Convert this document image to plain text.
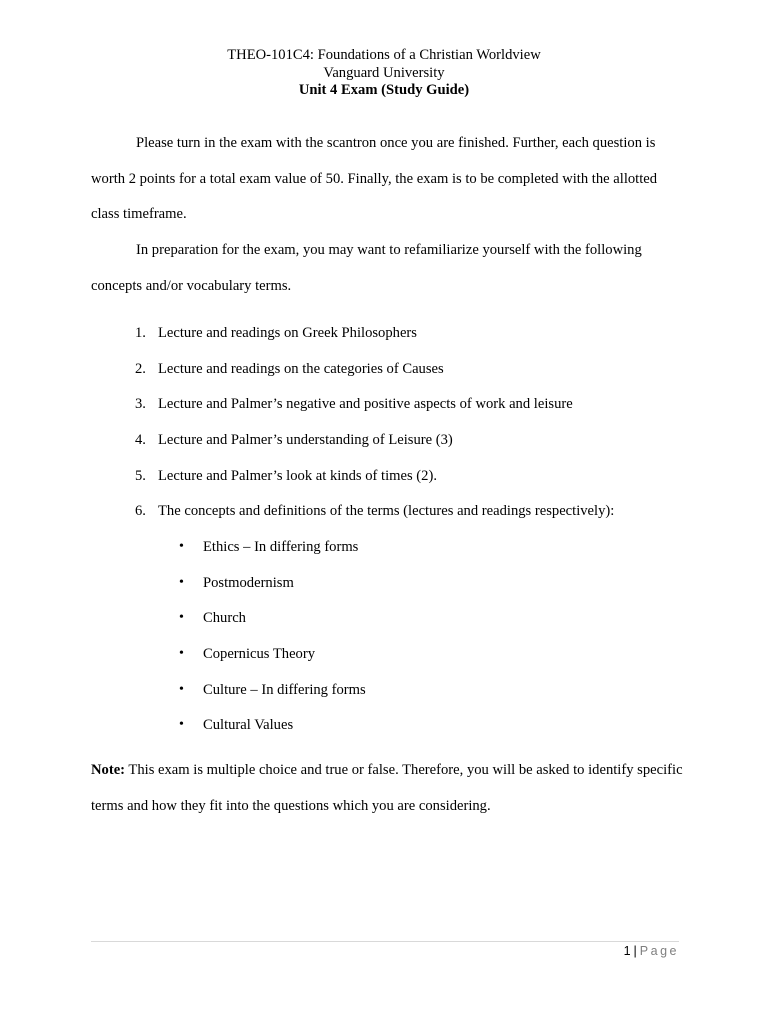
THEO-101C4: Foundations of a Christian Worldview
Vanguard University
Unit 4 Exam (Study Guide)
Please turn in the exam with the scantron once you are finished. Further, each question is worth 2 points for a total exam value of 50. Finally, the exam is to be completed with the allotted class timeframe.
In preparation for the exam, you may want to refamiliarize yourself with the following concepts and/or vocabulary terms.
1. Lecture and readings on Greek Philosophers
2. Lecture and readings on the categories of Causes
3. Lecture and Palmer’s negative and positive aspects of work and leisure
4. Lecture and Palmer’s understanding of Leisure (3)
5. Lecture and Palmer’s look at kinds of times (2).
6. The concepts and definitions of the terms (lectures and readings respectively):
• Ethics – In differing forms
• Postmodernism
• Church
• Copernicus Theory
• Culture – In differing forms
• Cultural Values
Note: This exam is multiple choice and true or false. Therefore, you will be asked to identify specific terms and how they fit into the questions which you are considering.
1 | Page
